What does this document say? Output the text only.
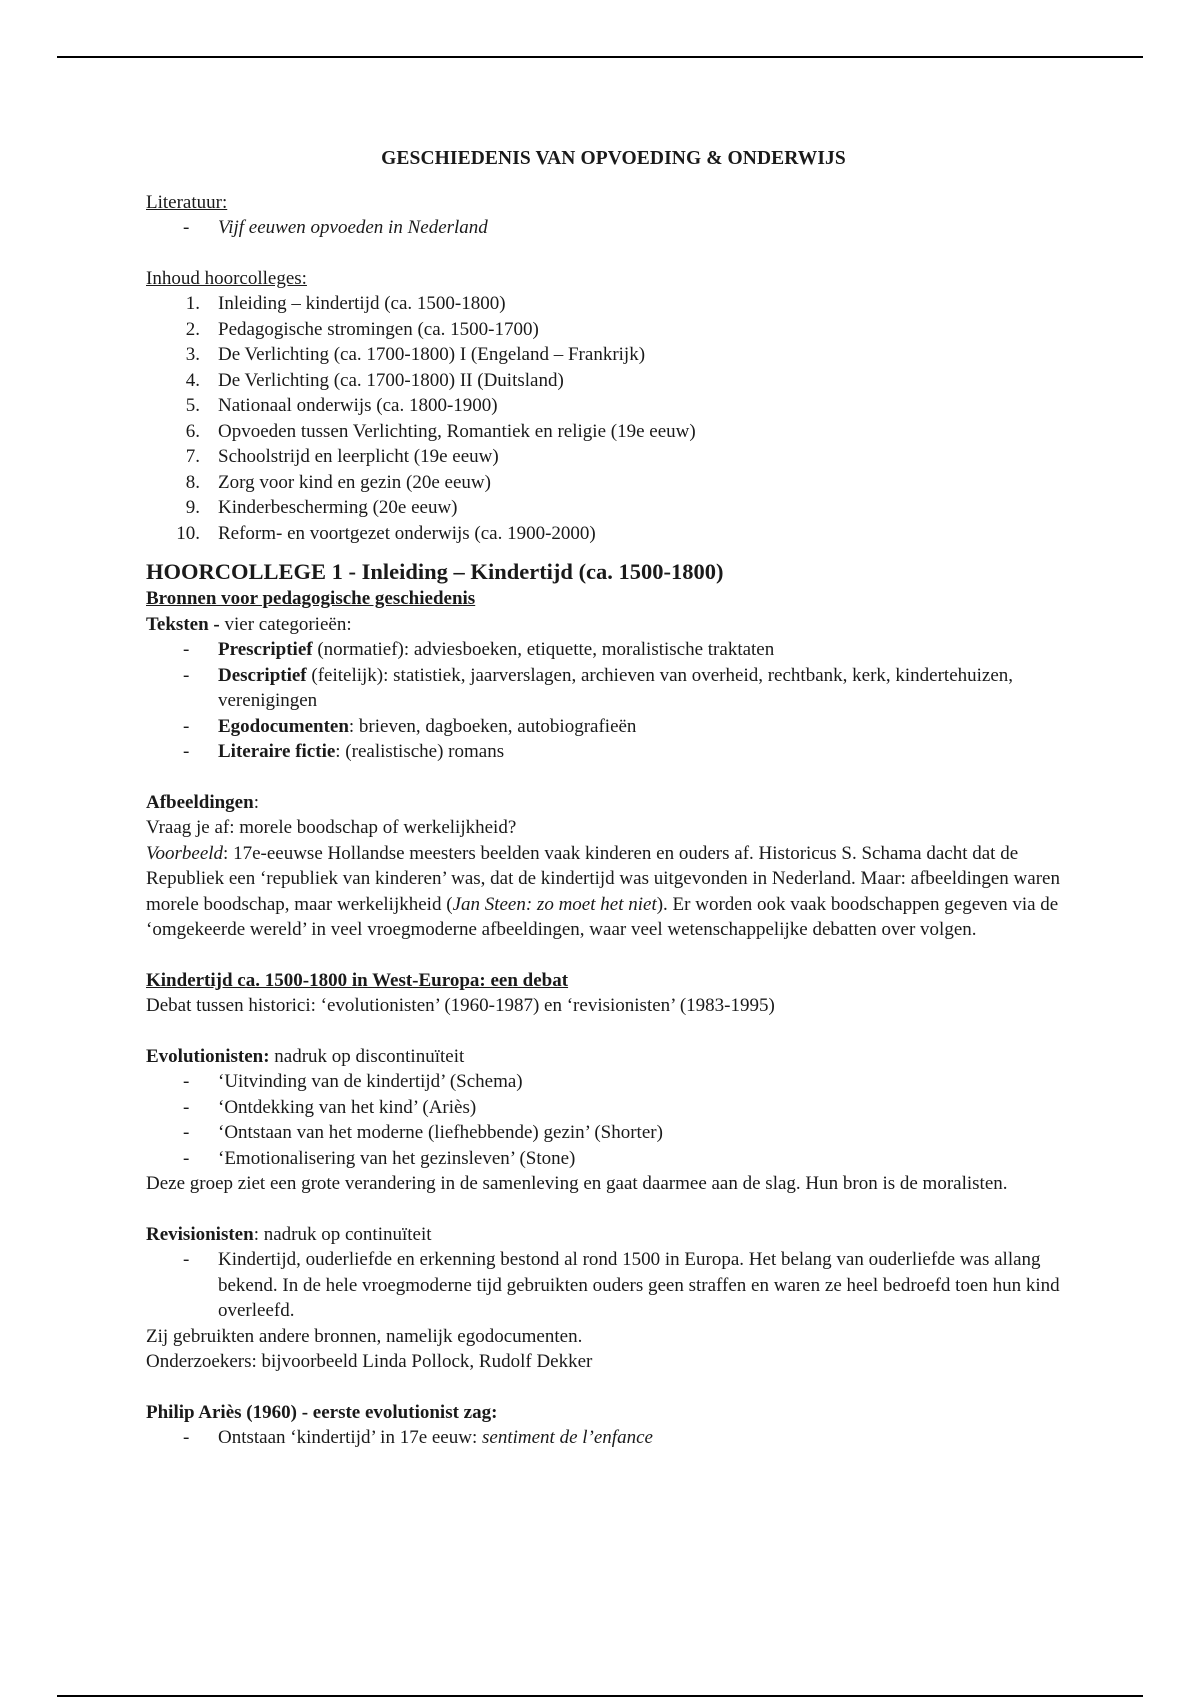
GESCHIEDENIS VAN OPVOEDING & ONDERWIJS

Literatuur:

- Vijf eeuwen opvoeden in Nederland

Inhoud hoorcolleges:

1. Inleiding – kindertijd (ca. 1500-1800)
2. Pedagogische stromingen (ca. 1500-1700)
3. De Verlichting (ca. 1700-1800) I (Engeland – Frankrijk)
4. De Verlichting (ca. 1700-1800) II (Duitsland)
5. Nationaal onderwijs (ca. 1800-1900)
6. Opvoeden tussen Verlichting, Romantiek en religie (19e eeuw)
7. Schoolstrijd en leerplicht (19e eeuw)
8. Zorg voor kind en gezin (20e eeuw)
9. Kinderbescherming (20e eeuw)
10. Reform- en voortgezet onderwijs (ca. 1900-2000)

HOORCOLLEGE 1 - Inleiding – Kindertijd (ca. 1500-1800)

Bronnen voor pedagogische geschiedenis

Teksten - vier categorieën:

- Prescriptief (normatief): adviesboeken, etiquette, moralistische traktaten
- Descriptief (feitelijk): statistiek, jaarverslagen, archieven van overheid, rechtbank, kerk, kindertehuizen, verenigingen
- Egodocumenten: brieven, dagboeken, autobiografieën
- Literaire fictie: (realistische) romans

Afbeeldingen:

Vraag je af: morele boodschap of werkelijkheid?

Voorbeeld: 17e-eeuwse Hollandse meesters beelden vaak kinderen en ouders af. Historicus S. Schama dacht dat de Republiek een ‘republiek van kinderen’ was, dat de kindertijd was uitgevonden in Nederland. Maar: afbeeldingen waren morele boodschap, maar werkelijkheid (Jan Steen: zo moet het niet). Er worden ook vaak boodschappen gegeven via de ‘omgekeerde wereld’ in veel vroegmoderne afbeeldingen, waar veel wetenschappelijke debatten over volgen.

Kindertijd ca. 1500-1800 in West-Europa: een debat

Debat tussen historici: ‘evolutionisten’ (1960-1987) en ‘revisionisten’ (1983-1995)

Evolutionisten: nadruk op discontinuïteit

- ‘Uitvinding van de kindertijd’ (Schema)
- ‘Ontdekking van het kind’ (Ariès)
- ‘Ontstaan van het moderne (liefhebbende) gezin’ (Shorter)
- ‘Emotionalisering van het gezinsleven’ (Stone)

Deze groep ziet een grote verandering in de samenleving en gaat daarmee aan de slag. Hun bron is de moralisten.

Revisionisten: nadruk op continuïteit

- Kindertijd, ouderliefde en erkenning bestond al rond 1500 in Europa. Het belang van ouderliefde was allang bekend. In de hele vroegmoderne tijd gebruikten ouders geen straffen en waren ze heel bedroefd toen hun kind overleefd.

Zij gebruikten andere bronnen, namelijk egodocumenten.

Onderzoekers: bijvoorbeeld Linda Pollock, Rudolf Dekker

Philip Ariès (1960) - eerste evolutionist zag:

- Ontstaan ‘kindertijd’ in 17e eeuw: sentiment de l’enfance
